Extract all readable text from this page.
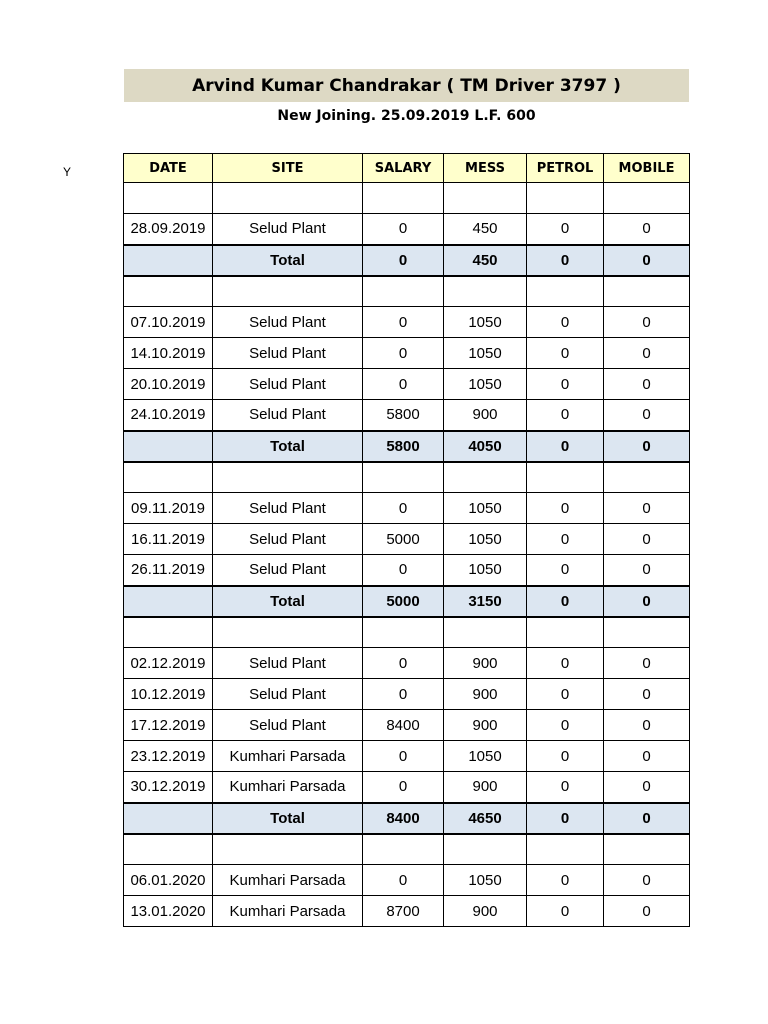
Arvind Kumar Chandrakar ( TM Driver 3797 )
New Joining. 25.09.2019 L.F. 600
Y	DATE	SITE	SALARY	MESS	PETROL	MOBILE

28.09.2019	Selud Plant	0	450	0	0
	Total	0	450	0	0

07.10.2019	Selud Plant	0	1050	0	0
14.10.2019	Selud Plant	0	1050	0	0
20.10.2019	Selud Plant	0	1050	0	0
24.10.2019	Selud Plant	5800	900	0	0
	Total	5800	4050	0	0

09.11.2019	Selud Plant	0	1050	0	0
16.11.2019	Selud Plant	5000	1050	0	0
26.11.2019	Selud Plant	0	1050	0	0
	Total	5000	3150	0	0

02.12.2019	Selud Plant	0	900	0	0
10.12.2019	Selud Plant	0	900	0	0
17.12.2019	Selud Plant	8400	900	0	0
23.12.2019	Kumhari Parsada	0	1050	0	0
30.12.2019	Kumhari Parsada	0	900	0	0
	Total	8400	4650	0	0

06.01.2020	Kumhari Parsada	0	1050	0	0
13.01.2020	Kumhari Parsada	8700	900	0	0
